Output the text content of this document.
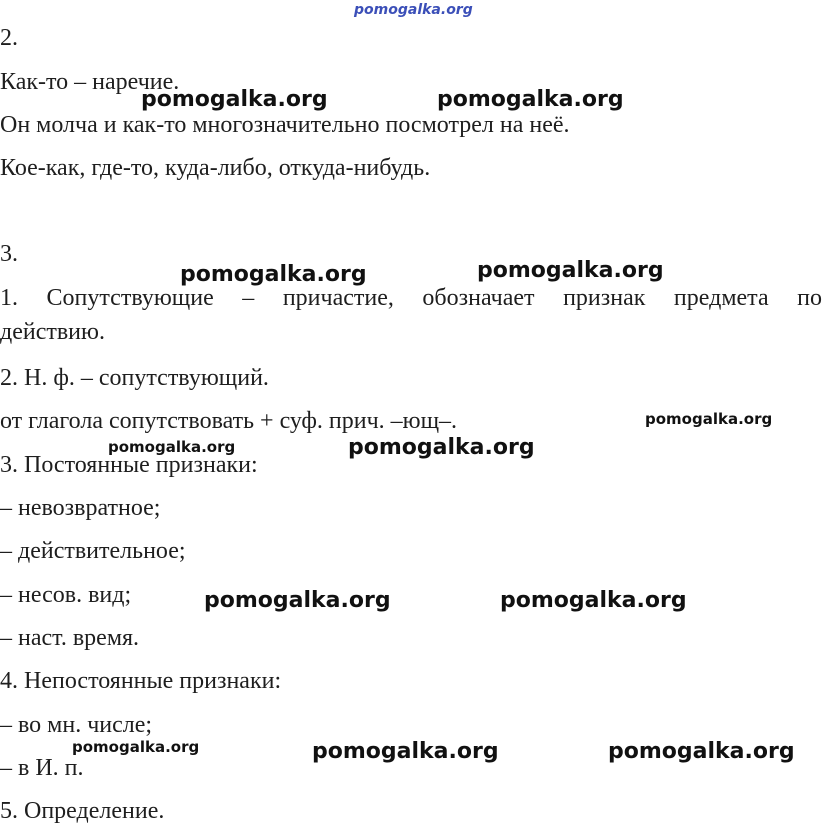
pomogalka.org

2.

Как-то – наречие.

Он молча и как-то многозначительно посмотрел на неё.

Кое-как, где-то, куда-либо, откуда-нибудь.

3.

1. Сопутствующие – причастие, обозначает признак предмета по

действию.

2. Н. ф. – сопутствующий.

от глагола сопутствовать + суф. прич. –ющ–.

3. Постоянные признаки:

– невозвратное;

– действительное;

– несов. вид;

– наст. время.

4. Непостоянные признаки:

– во мн. числе;

– в И. п.

5. Определение.

pomogalka.org	pomogalka.org
pomogalka.org	pomogalka.org
pomogalka.org
pomogalka.org	pomogalka.org
pomogalka.org	pomogalka.org
pomogalka.org	pomogalka.org	pomogalka.org
